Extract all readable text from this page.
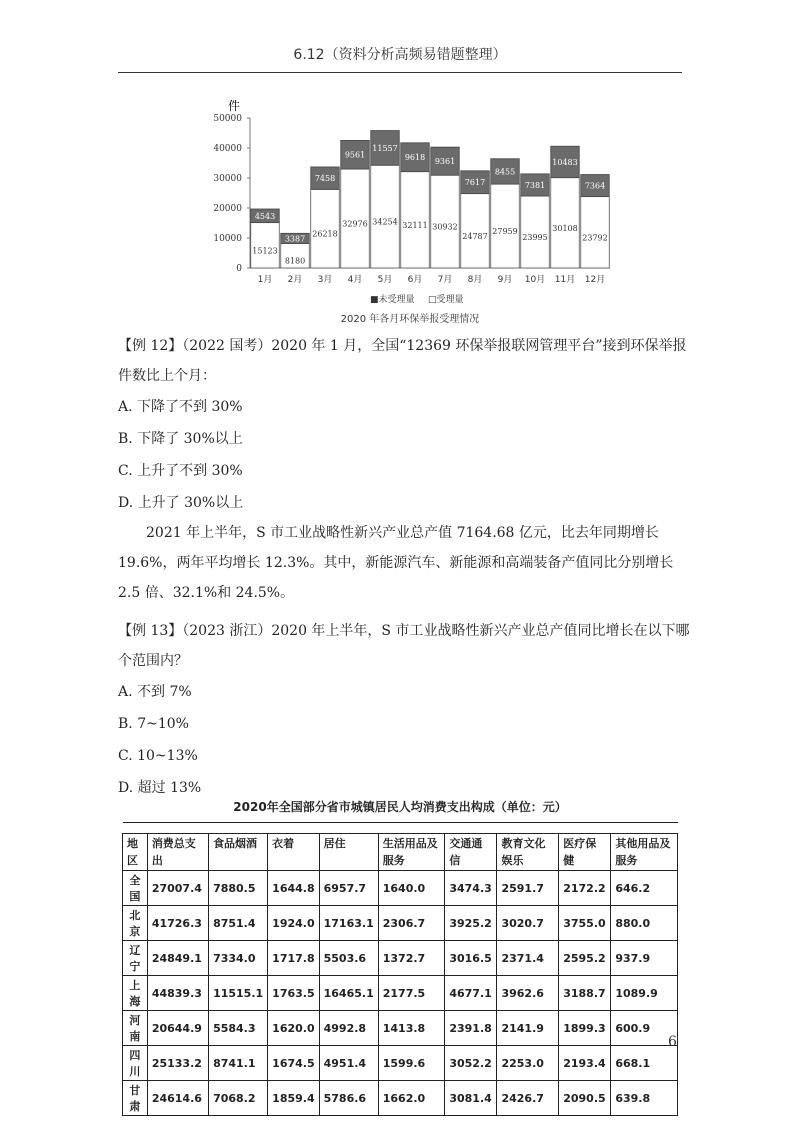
6.12（资料分析高频易错题整理）
件
50000
40000
30000
20000
10000
0
15123
4543
1月
8180
3387
2月
26218
7458
3月
32976
9561
4月
34254
11557
5月
32111
9618
6月
30932
9361
7月
24787
7617
8月
27959
8455
9月
23995
7381
10月
30108
10483
11月
23792
7364
12月
■未受理量 □受理量
2020 年各月环保举报受理情况
【例 12】（2022 国考）2020 年 1 月，全国“12369 环保举报联网管理平台”接到环保举报件数比上个月：
A. 下降了不到 30%
B. 下降了 30%以上
C. 上升了不到 30%
D. 上升了 30%以上
2021 年上半年，S 市工业战略性新兴产业总产值 7164.68 亿元，比去年同期增长 19.6%，两年平均增长 12.3%。其中，新能源汽车、新能源和高端装备产值同比分别增长 2.5 倍、32.1%和 24.5%。
【例 13】（2023 浙江）2020 年上半年，S 市工业战略性新兴产业总产值同比增长在以下哪个范围内？
A. 不到 7%
B. 7~10%
C. 10~13%
D. 超过 13%
2020年全国部分省市城镇居民人均消费支出构成（单位：元）

地区	消费总支出	食品烟酒	衣着	居住	生活用品及服务	交通通信	教育文化娱乐	医疗保健	其他用品及服务
全国	27007.4	7880.5	1644.8	6957.7	1640.0	3474.3	2591.7	2172.2	646.2
北京	41726.3	8751.4	1924.0	17163.1	2306.7	3925.2	3020.7	3755.0	880.0
辽宁	24849.1	7334.0	1717.8	5503.6	1372.7	3016.5	2371.4	2595.2	937.9
上海	44839.3	11515.1	1763.5	16465.1	2177.5	4677.1	3962.6	3188.7	1089.9
河南	20644.9	5584.3	1620.0	4992.8	1413.8	2391.8	2141.9	1899.3	600.9
四川	25133.2	8741.1	1674.5	4951.4	1599.6	3052.2	2253.0	2193.4	668.1
甘肃	24614.6	7068.2	1859.4	5786.6	1662.0	3081.4	2426.7	2090.5	639.8
6
